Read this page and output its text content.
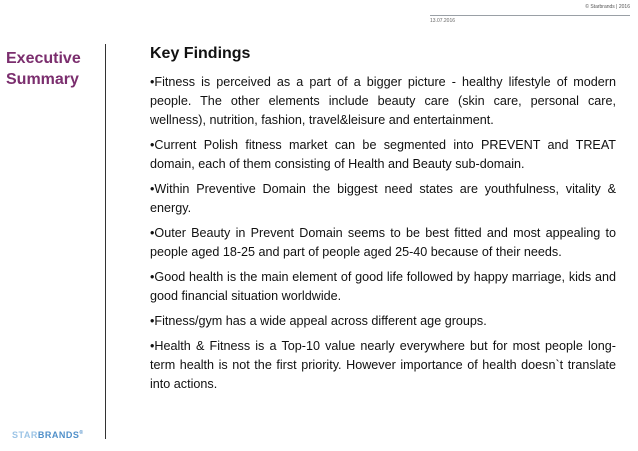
© Starbrands | 2016
13.07.2016
Executive
Summary
Key Findings

•Fitness is perceived as a part of a bigger picture - healthy lifestyle of modern people. The other elements include beauty care (skin care, personal care, wellness), nutrition, fashion, travel&leisure and entertainment.

•Current Polish fitness market can be segmented into PREVENT and TREAT domain, each of them consisting of Health and Beauty sub-domain.

•Within Preventive Domain the biggest need states are youthfulness, vitality & energy.

•Outer Beauty in Prevent Domain seems to be best fitted and most appealing to people aged 18-25 and part of people aged 25-40 because of their needs.

•Good health is the main element of good life followed by happy marriage, kids and good financial situation worldwide.

•Fitness/gym has a wide appeal across different age groups.

•Health & Fitness is a Top-10 value nearly everywhere but for most people long-term health is not the first priority. However importance of health doesn`t translate into actions.

STARBRANDS®
